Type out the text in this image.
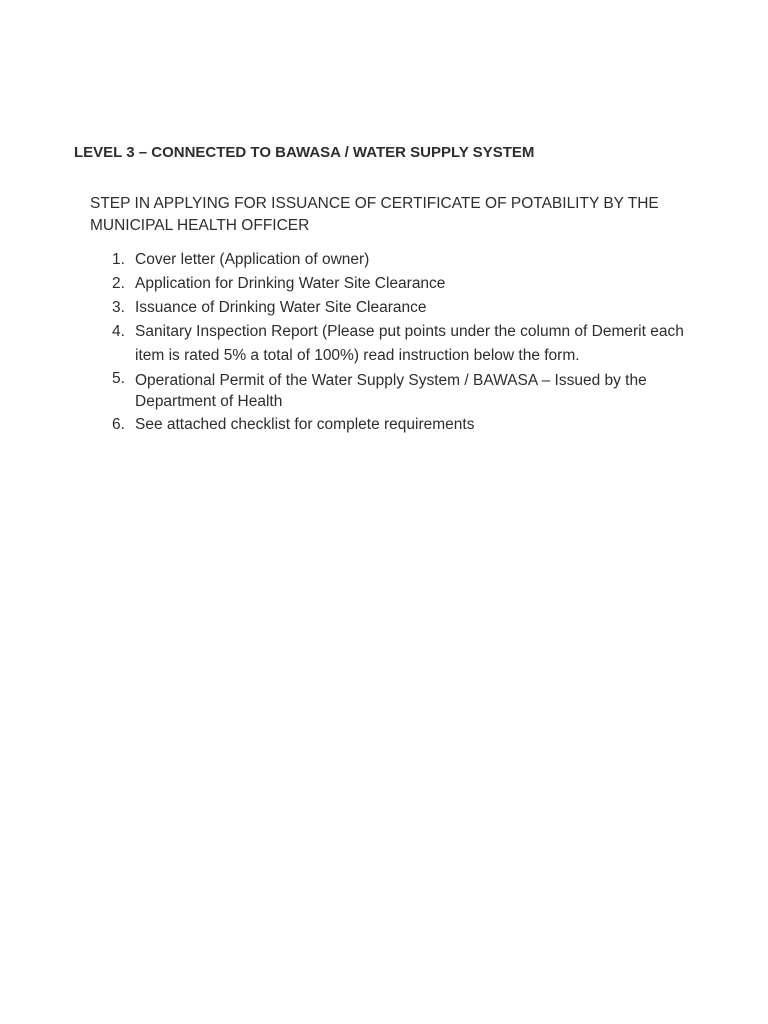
LEVEL 3 – CONNECTED TO BAWASA / WATER SUPPLY SYSTEM
STEP IN APPLYING FOR ISSUANCE OF CERTIFICATE OF POTABILITY BY THE MUNICIPAL HEALTH OFFICER
1. Cover letter (Application of owner)
2. Application for Drinking Water Site Clearance
3. Issuance of Drinking Water Site Clearance
4. Sanitary Inspection Report (Please put points under the column of Demerit each item is rated 5% a total of 100%) read instruction below the form.
5. Operational Permit of the Water Supply System / BAWASA – Issued by the Department of Health
6. See attached checklist for complete requirements
